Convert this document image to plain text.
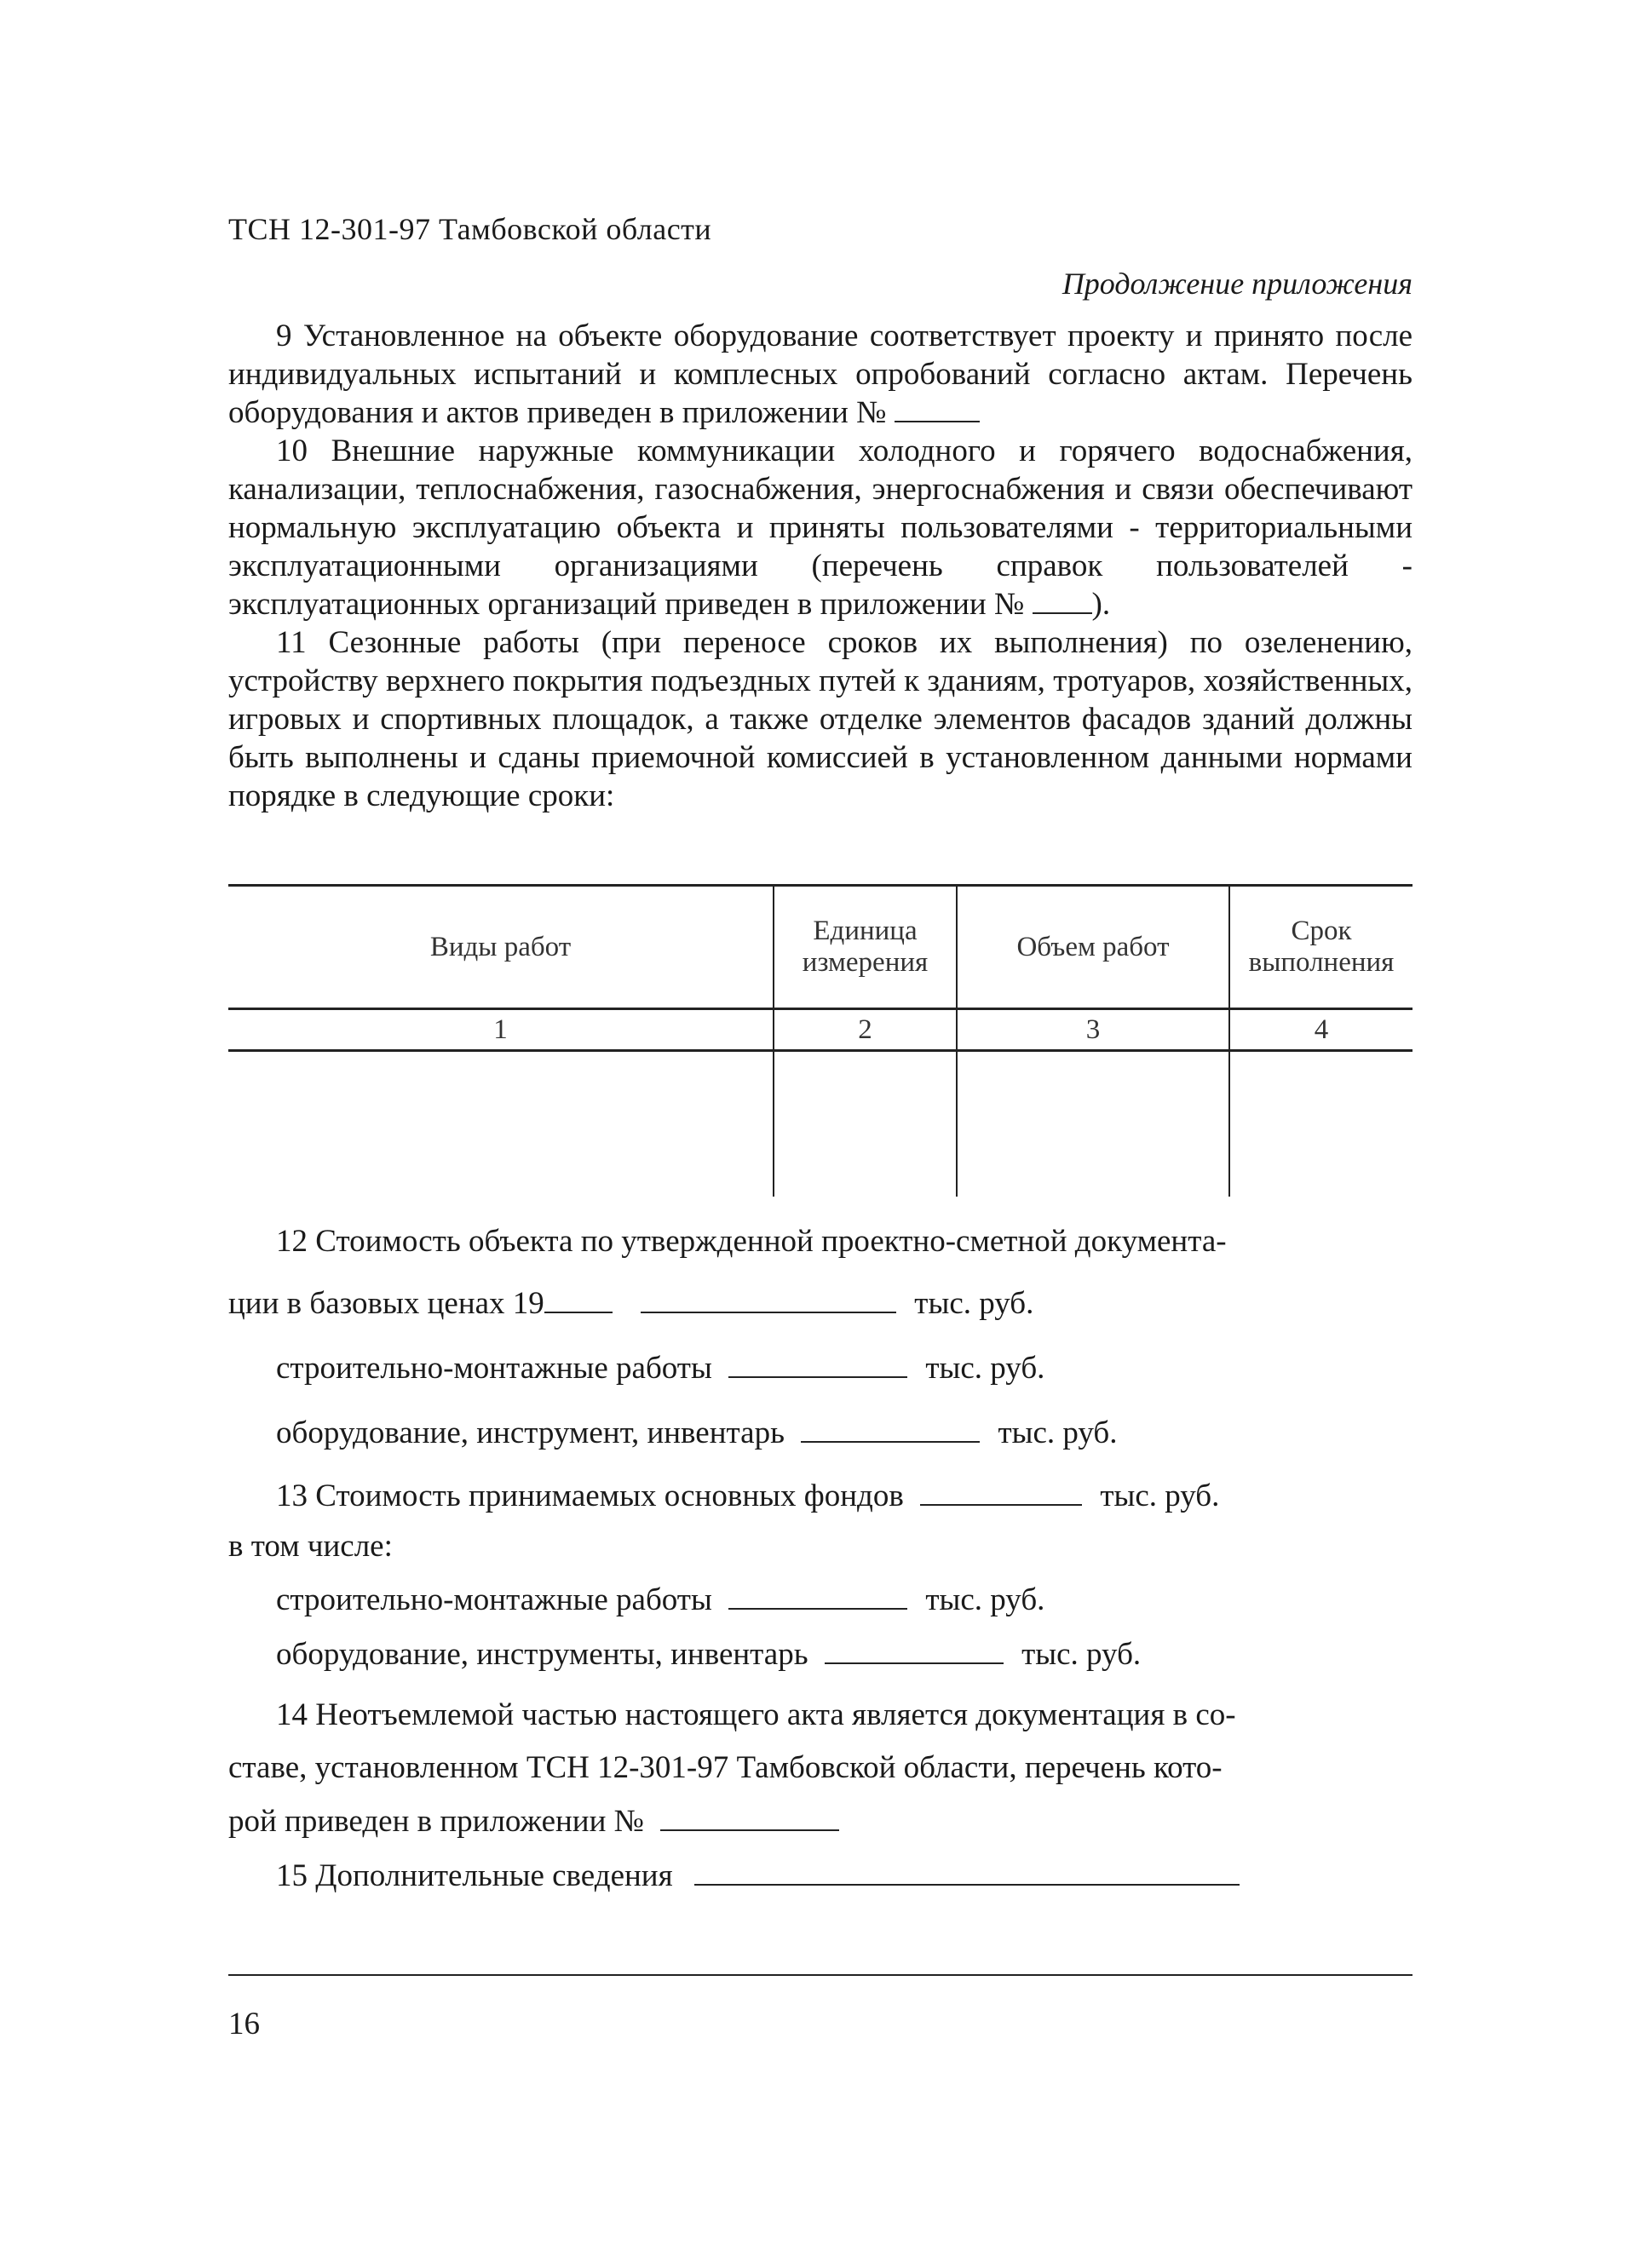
ТСН 12-301-97 Тамбовской области
Продолжение приложения

9 Установленное на объекте оборудование соответствует проекту и принято после индивидуальных испытаний и комплесных опробований согласно актам. Перечень оборудования и актов приведен в приложении №

10 Внешние наружные коммуникации холодного и горячего водоснабжения, канализации, теплоснабжения, газоснабжения, энергоснабжения и связи обеспечивают нормальную эксплуатацию объекта и приняты пользователями - территориальными эксплуатационными организациями (перечень справок пользователей - эксплуатационных организаций приведен в приложении № ).

11 Сезонные работы (при переносе сроков их выполнения) по озеленению, устройству верхнего покрытия подъездных путей к зданиям, тротуаров, хозяйственных, игровых и спортивных площадок, а также отделке элементов фасадов зданий должны быть выполнены и сданы приемочной комиссией в установленном данными нормами порядке в следующие сроки:

Виды работ	Единица измерения	Объем работ	Срок выполнения
1	2	3	4

12 Стоимость объекта по утвержденной проектно-сметной документа-
ции в базовых ценах 19	тыс. руб.
строительно-монтажные работы	тыс. руб.
оборудование, инструмент, инвентарь	тыс. руб.
13 Стоимость принимаемых основных фондов	тыс. руб.
в том числе:
строительно-монтажные работы	тыс. руб.
оборудование, инструменты, инвентарь	тыс. руб.
14 Неотъемлемой частью настоящего акта является документация в со-
ставе, установленном ТСН 12-301-97 Тамбовской области, перечень кото-
рой приведен в приложении №
15 Дополнительные сведения
16
